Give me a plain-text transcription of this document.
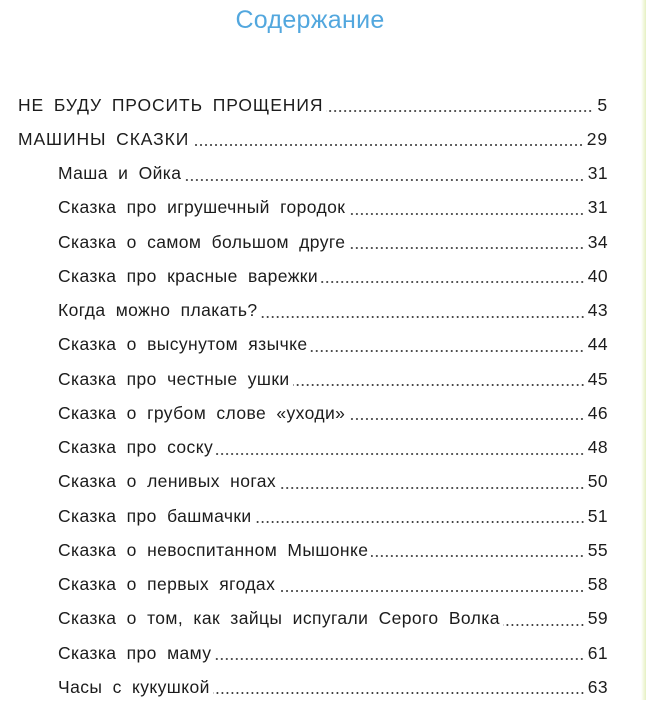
Содержание
НЕ БУДУ ПРОСИТЬ ПРОЩЕНИЯ	5
МАШИНЫ СКАЗКИ	29
Маша и Ойка	31
Сказка про игрушечный городок	31
Сказка о самом большом друге	34
Сказка про красные варежки	40
Когда можно плакать?	43
Сказка о высунутом язычке	44
Сказка про честные ушки	45
Сказка о грубом слове «уходи»	46
Сказка про соску	48
Сказка о ленивых ногах	50
Сказка про башмачки	51
Сказка о невоспитанном Мышонке	55
Сказка о первых ягодах	58
Сказка о том, как зайцы испугали Серого Волка	59
Сказка про маму	61
Часы с кукушкой	63
